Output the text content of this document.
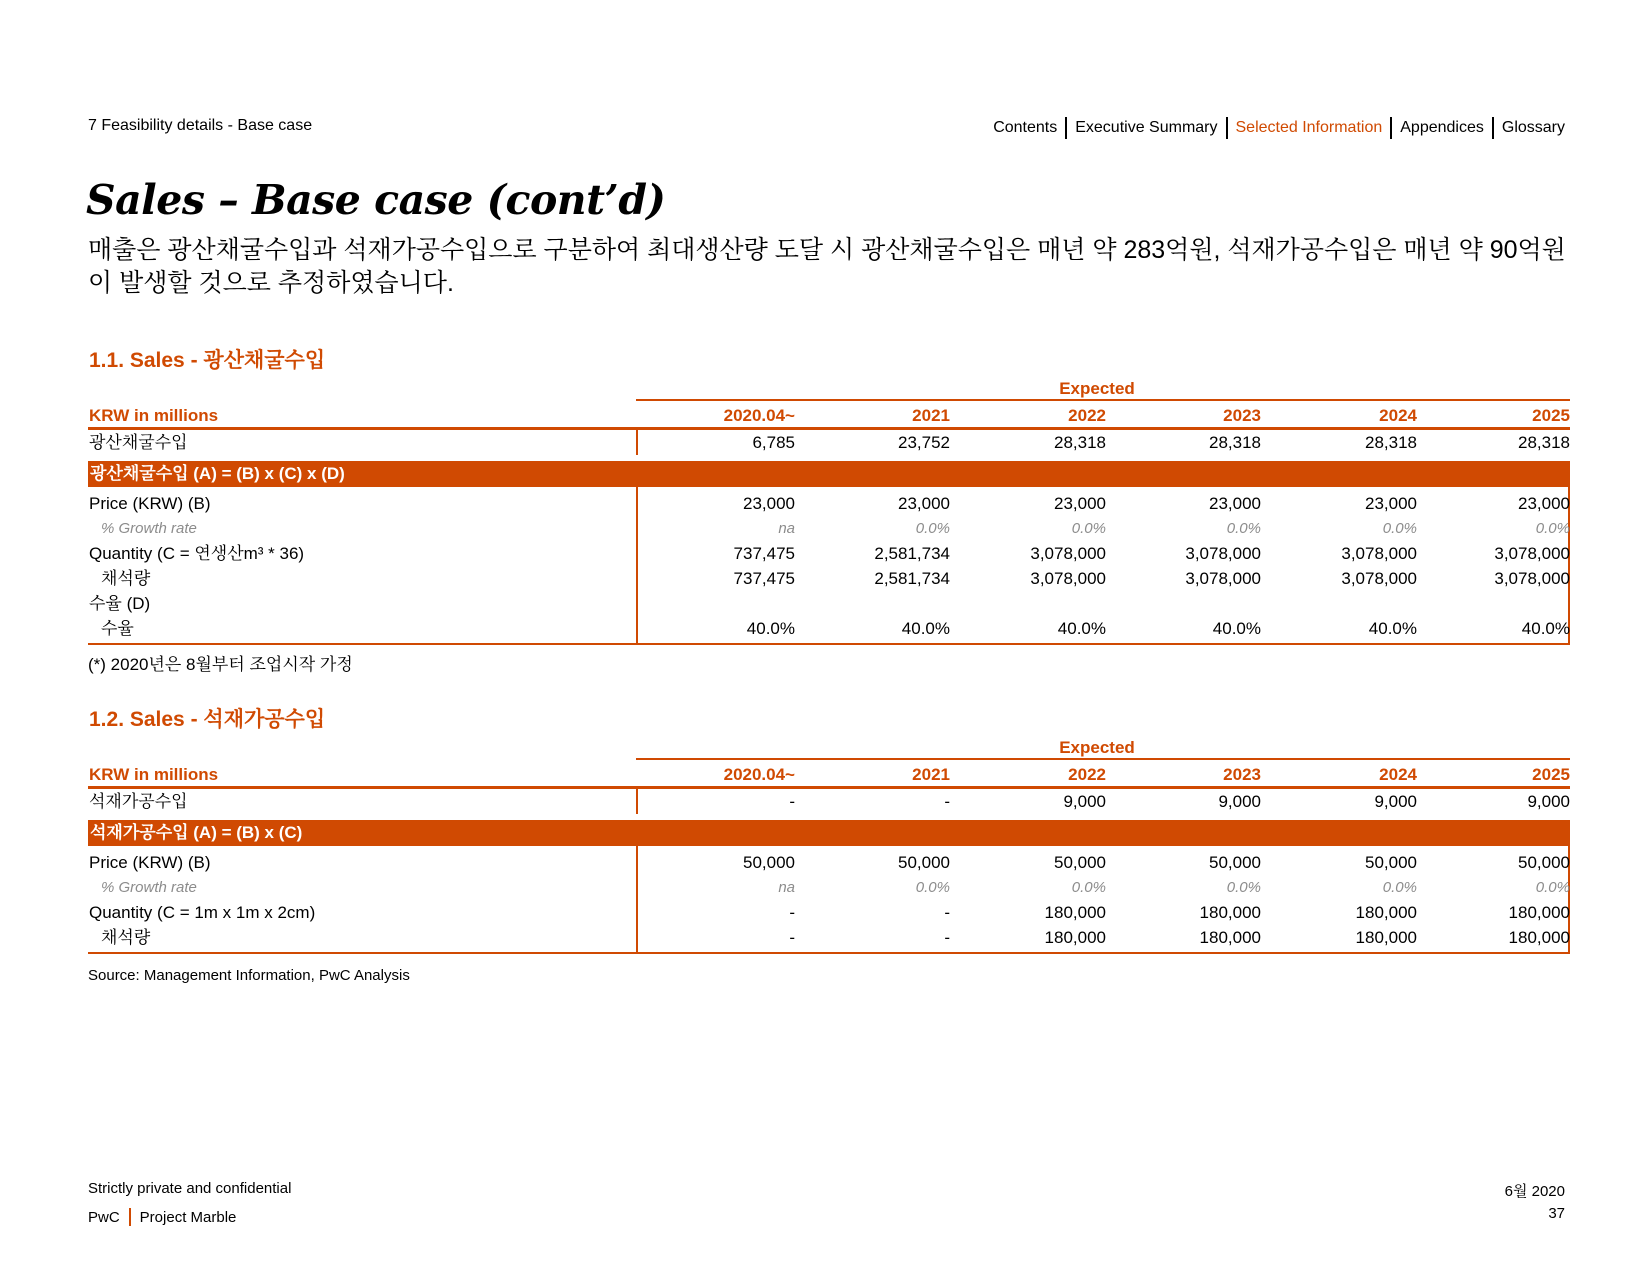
7 Feasibility details - Base case	Contents Executive Summary Selected Information Appendices Glossary
Sales – Base case (cont’d)

매출은 광산채굴수입과 석재가공수입으로 구분하여 최대생산량 도달 시 광산채굴수입은 매년 약 283억원, 석재가공수입은 매년 약 90억원이 발생할 것으로 추정하였습니다.

1.1. Sales - 광산채굴수입
Expected
KRW in millions	2020.04~	2021	2022	2023	2024	2025
광산채굴수입	6,785	23,752	28,318	28,318	28,318	28,318
광산채굴수입 (A) = (B) x (C) x (D)
Price (KRW) (B)	23,000	23,000	23,000	23,000	23,000	23,000
% Growth rate	na	0.0%	0.0%	0.0%	0.0%	0.0%
Quantity (C = 연생산m³ * 36)	737,475	2,581,734	3,078,000	3,078,000	3,078,000	3,078,000
채석량	737,475	2,581,734	3,078,000	3,078,000	3,078,000	3,078,000
수율 (D)
수율	40.0%	40.0%	40.0%	40.0%	40.0%	40.0%
(*) 2020년은 8월부터 조업시작 가정
1.2. Sales - 석재가공수입
Expected
KRW in millions	2020.04~	2021	2022	2023	2024	2025
석재가공수입	-	-	9,000	9,000	9,000	9,000
석재가공수입 (A) = (B) x (C)
Price (KRW) (B)	50,000	50,000	50,000	50,000	50,000	50,000
% Growth rate	na	0.0%	0.0%	0.0%	0.0%	0.0%
Quantity (C = 1m x 1m x 2cm)	-	-	180,000	180,000	180,000	180,000
채석량	-	-	180,000	180,000	180,000	180,000
Source: Management Information, PwC Analysis
Strictly private and confidential
PwC Project Marble
6월 2020
37
